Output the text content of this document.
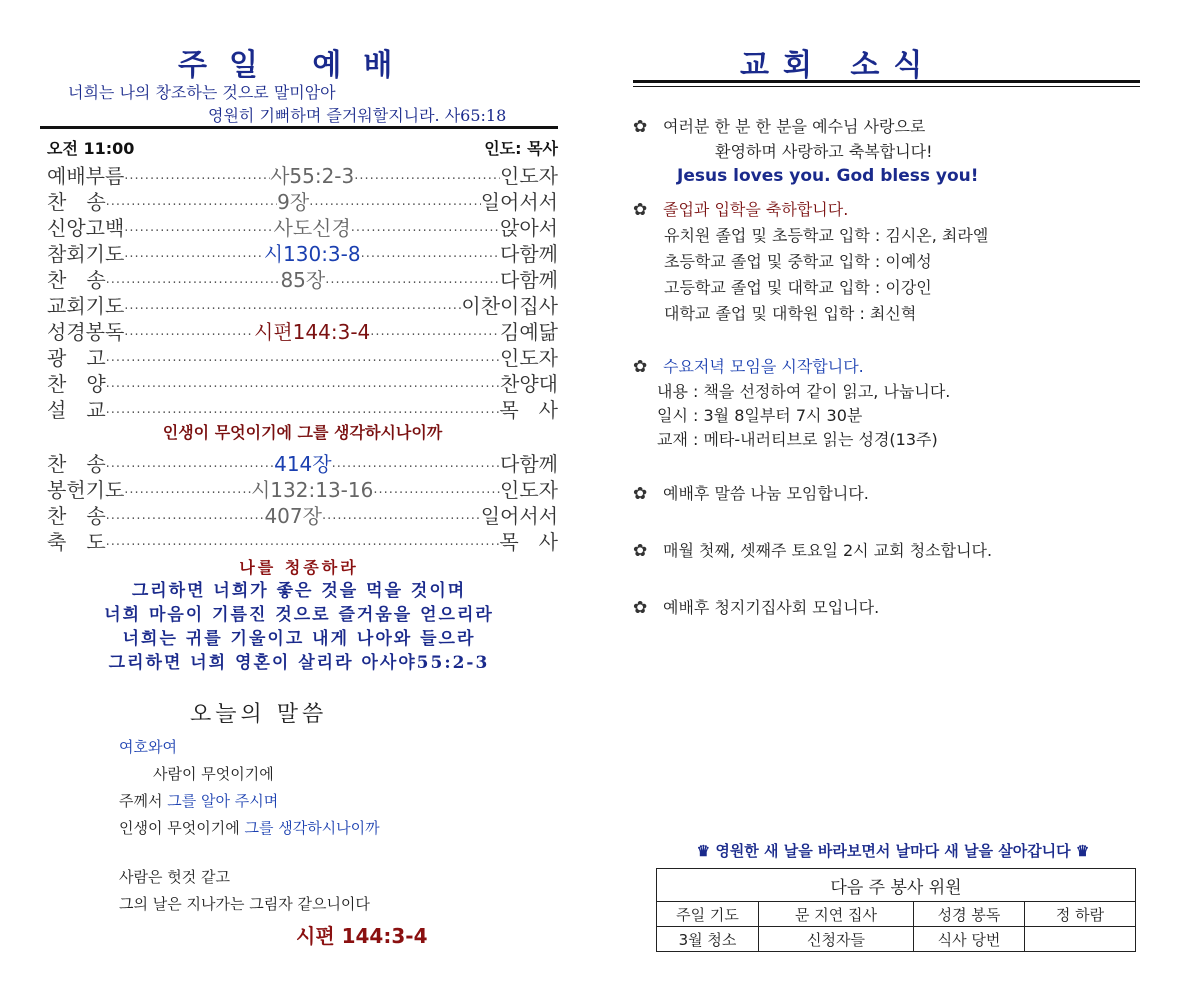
주일 예배
너희는 나의 창조하는 것으로 말미암아
영원히 기뻐하며 즐거워할지니라. 사65:18
오전 11:00	인도: 목사
예배부름 ·····	사55:2-3 ·····	인도자
찬　송 ·····	9장 ·····	일어서서
신앙고백 ·····	사도신경 ·····	앉아서
참회기도 ·····	시130:3-8 ·····	다함께
찬　송 ·····	85장 ·····	다함께
교회기도 ·····	이찬이집사
성경봉독 ·····	시편144:3-4 ·····	김예닮
광　고 ·····	인도자
찬　양 ·····	찬양대
설　교 ·····	목　사
인생이 무엇이기에 그를 생각하시나이까
찬　송 ·····	414장 ·····	다함께
봉헌기도 ·····	시132:13-16 ·····	인도자
찬　송 ·····	407장 ·····	일어서서
축　도 ·····	목　사
나를 청종하라
그리하면 너희가 좋은 것을 먹을 것이며
너희 마음이 기름진 것으로 즐거움을 얻으리라
너희는 귀를 기울이고 내게 나아와 들으라
그리하면 너희 영혼이 살리라 아사야55:2-3
오늘의 말씀
여호와여
사람이 무엇이기에
주께서 그를 알아 주시며
인생이 무엇이기에 그를 생각하시나이까
사람은 헛것 같고
그의 날은 지나가는 그림자 같으니이다
시편 144:3-4
교회 소식
✿ 여러분 한 분 한 분을 예수님 사랑으로
환영하며 사랑하고 축복합니다!
Jesus loves you. God bless you!
✿ 졸업과 입학을 축하합니다.
유치원 졸업 및 초등학교 입학 : 김시온, 최라엘
초등학교 졸업 및 중학교 입학 : 이예성
고등학교 졸업 및 대학교 입학 : 이강인
대학교 졸업 및 대학원 입학 : 최신혁
✿ 수요저녁 모임을 시작합니다.
내용 : 책을 선정하여 같이 읽고, 나눕니다.
일시 : 3월 8일부터 7시 30분
교재 : 메타-내러티브로 읽는 성경(13주)
✿ 예배후 말씀 나눔 모임합니다.
✿ 매월 첫째, 셋째주 토요일 2시 교회 청소합니다.
✿ 예배후 청지기집사회 모입니다.
♛ 영원한 새 날을 바라보면서 날마다 새 날을 살아갑니다 ♛
다음 주 봉사 위원			
주일 기도	문 지연 집사	성경 봉독	정 하람
3월 청소	신청자들	식사 당번	
